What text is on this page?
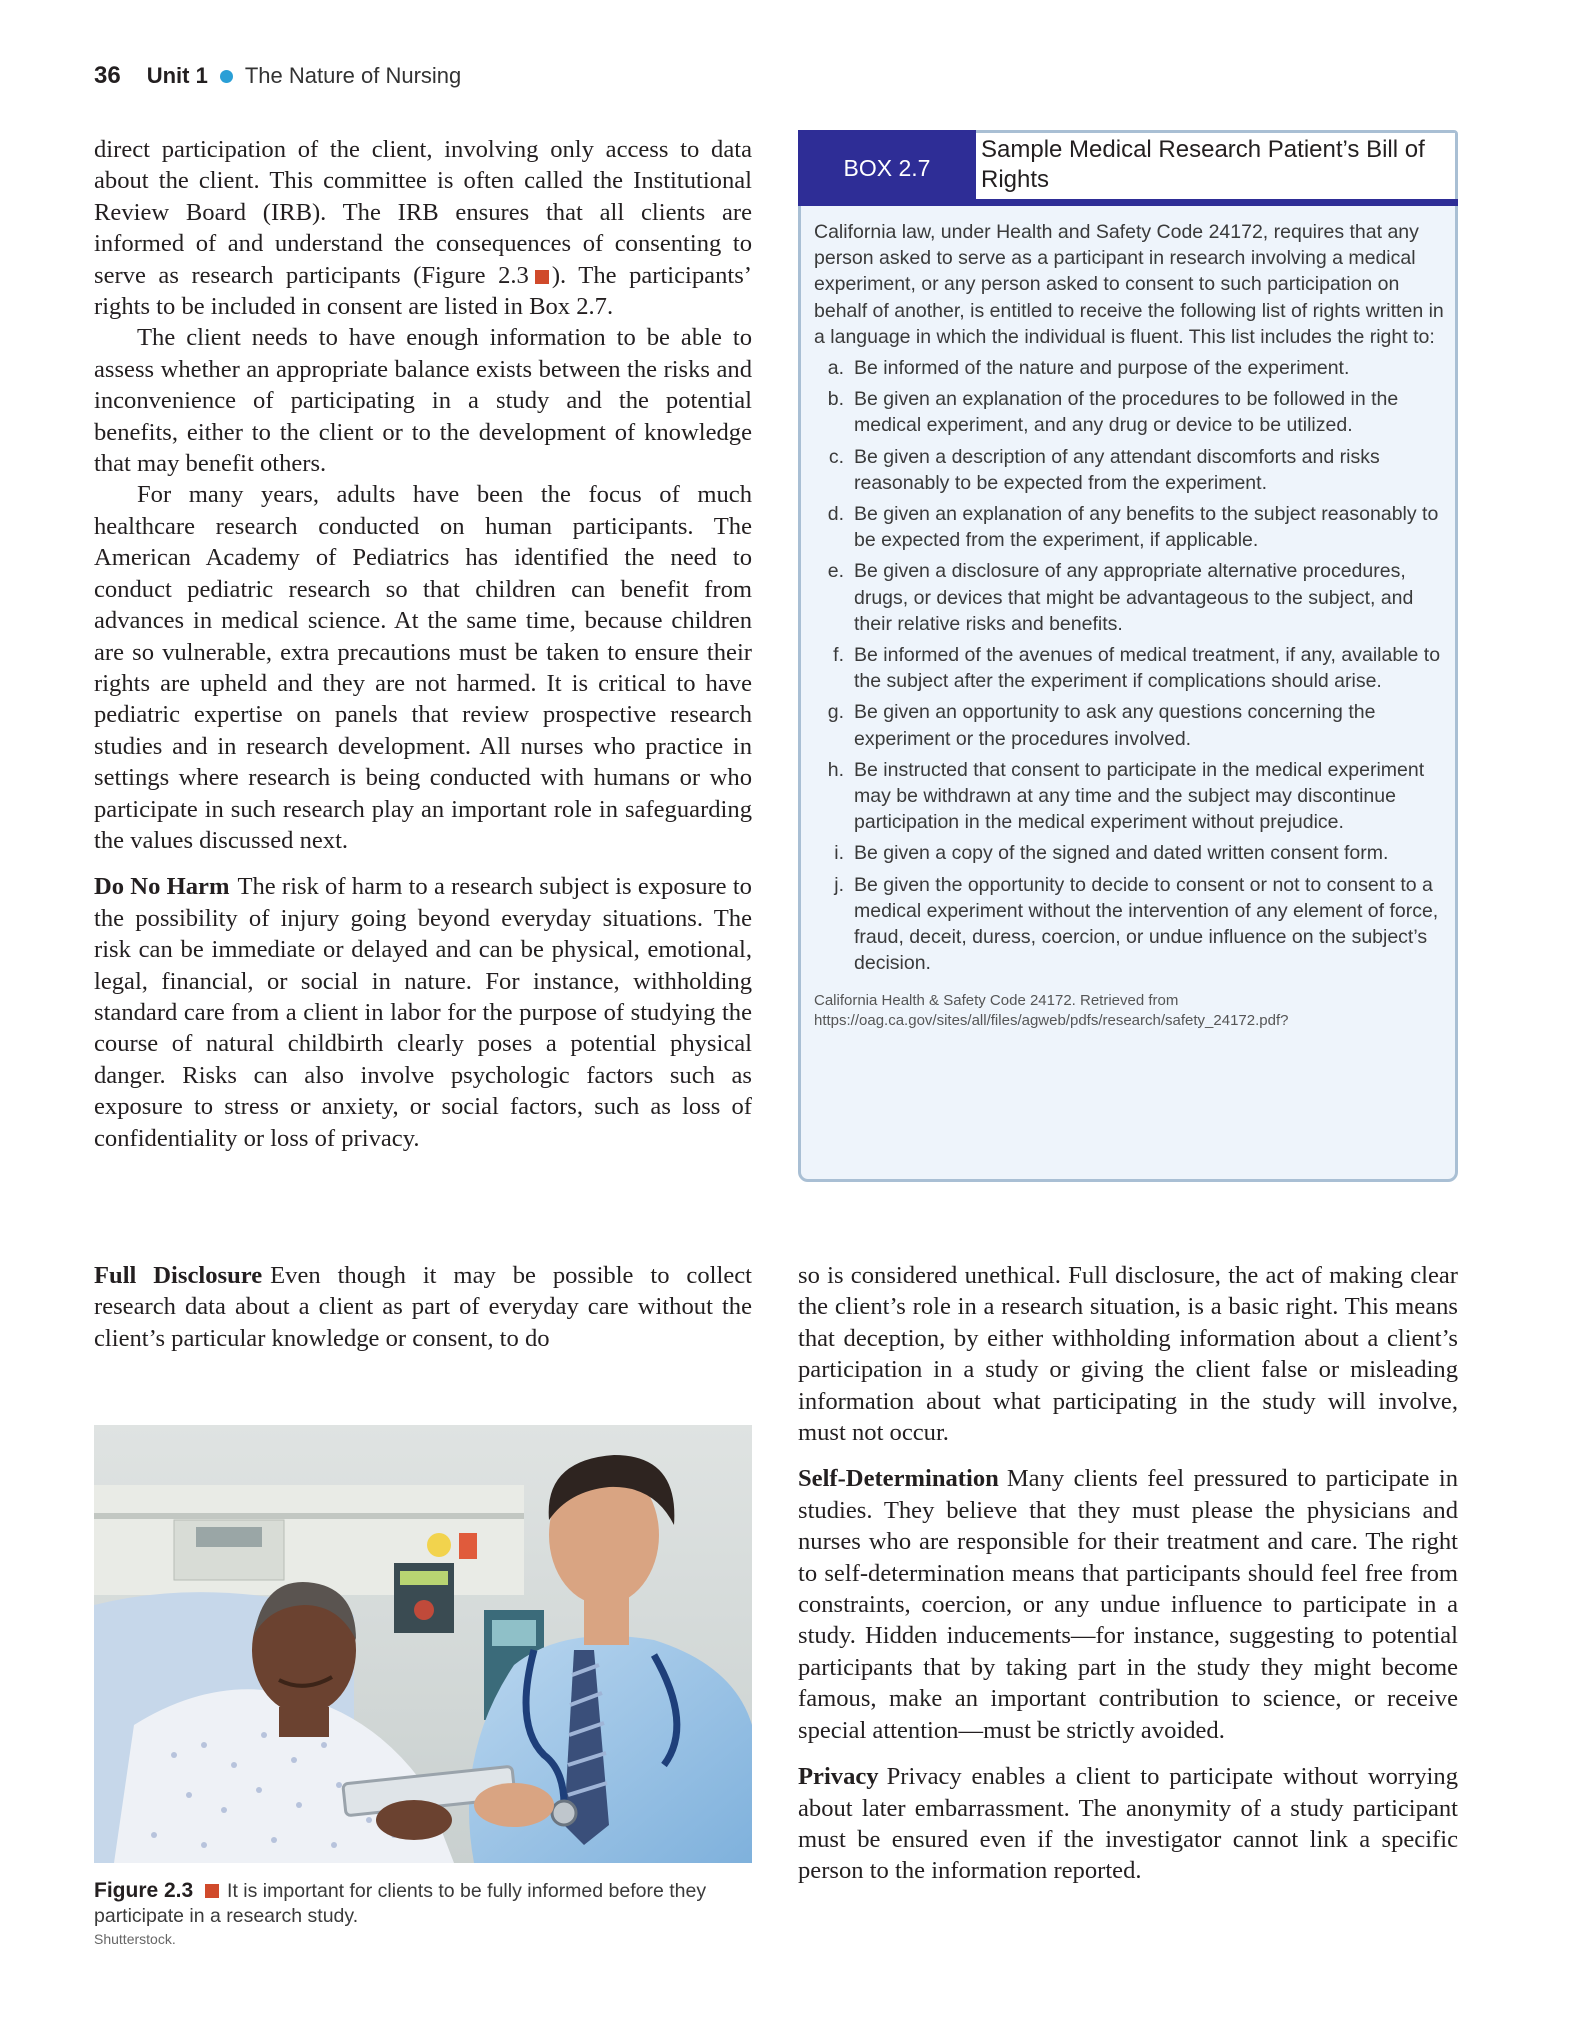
36 Unit 1 The Nature of Nursing

direct participation of the client, involving only access to data about the client. This committee is often called the Institutional Review Board (IRB). The IRB ensures that all clients are informed of and understand the consequences of consenting to serve as research participants (Figure 2.3 ). The participants’ rights to be included in consent are listed in Box 2.7.

The client needs to have enough information to be able to assess whether an appropriate balance exists between the risks and inconvenience of participating in a study and the potential benefits, either to the client or to the development of knowledge that may benefit others.

For many years, adults have been the focus of much healthcare research conducted on human participants. The American Academy of Pediatrics has identified the need to conduct pediatric research so that children can benefit from advances in medical science. At the same time, because children are so vulnerable, extra precautions must be taken to ensure their rights are upheld and they are not harmed. It is critical to have pediatric expertise on panels that review prospective research studies and in research development. All nurses who practice in settings where research is being conducted with humans or who participate in such research play an important role in safeguarding the values discussed next.

Do No Harm The risk of harm to a research subject is exposure to the possibility of injury going beyond everyday situations. The risk can be immediate or delayed and can be physical, emotional, legal, financial, or social in nature. For instance, withholding standard care from a client in labor for the purpose of studying the course of natural childbirth clearly poses a potential physical danger. Risks can also involve psychologic factors such as exposure to stress or anxiety, or social factors, such as loss of confidentiality or loss of privacy.

Full Disclosure Even though it may be possible to collect research data about a client as part of everyday care without the client’s particular knowledge or consent, to do

BOX 2.7
Sample Medical Research Patient’s Bill of Rights

California law, under Health and Safety Code 24172, requires that any person asked to serve as a participant in research involving a medical experiment, or any person asked to consent to such participation on behalf of another, is entitled to receive the following list of rights written in a language in which the individual is fluent. This list includes the right to:

a. Be informed of the nature and purpose of the experiment.
b. Be given an explanation of the procedures to be followed in the medical experiment, and any drug or device to be utilized.
c. Be given a description of any attendant discomforts and risks reasonably to be expected from the experiment.
d. Be given an explanation of any benefits to the subject reasonably to be expected from the experiment, if applicable.
e. Be given a disclosure of any appropriate alternative procedures, drugs, or devices that might be advantageous to the subject, and their relative risks and benefits.
f. Be informed of the avenues of medical treatment, if any, available to the subject after the experiment if complications should arise.
g. Be given an opportunity to ask any questions concerning the experiment or the procedures involved.
h. Be instructed that consent to participate in the medical experiment may be withdrawn at any time and the subject may discontinue participation in the medical experiment without prejudice.
i. Be given a copy of the signed and dated written consent form.
j. Be given the opportunity to decide to consent or not to consent to a medical experiment without the intervention of any element of force, fraud, deceit, duress, coercion, or undue influence on the subject’s decision.
California Health & Safety Code 24172. Retrieved from https://oag.ca.gov/sites/all/files/agweb/pdfs/research/safety_24172.pdf?

so is considered unethical. Full disclosure, the act of making clear the client’s role in a research situation, is a basic right. This means that deception, by either withholding information about a client’s participation in a study or giving the client false or misleading information about what participating in the study will involve, must not occur.

Self-Determination Many clients feel pressured to participate in studies. They believe that they must please the physicians and nurses who are responsible for their treatment and care. The right to self-determination means that participants should feel free from constraints, coercion, or any undue influence to participate in a study. Hidden inducements—for instance, suggesting to potential participants that by taking part in the study they might become famous, make an important contribution to science, or receive special attention—must be strictly avoided.

Privacy Privacy enables a client to participate without worrying about later embarrassment. The anonymity of a study participant must be ensured even if the investigator cannot link a specific person to the information reported.

Figure 2.3 It is important for clients to be fully informed before they participate in a research study.
Shutterstock.
